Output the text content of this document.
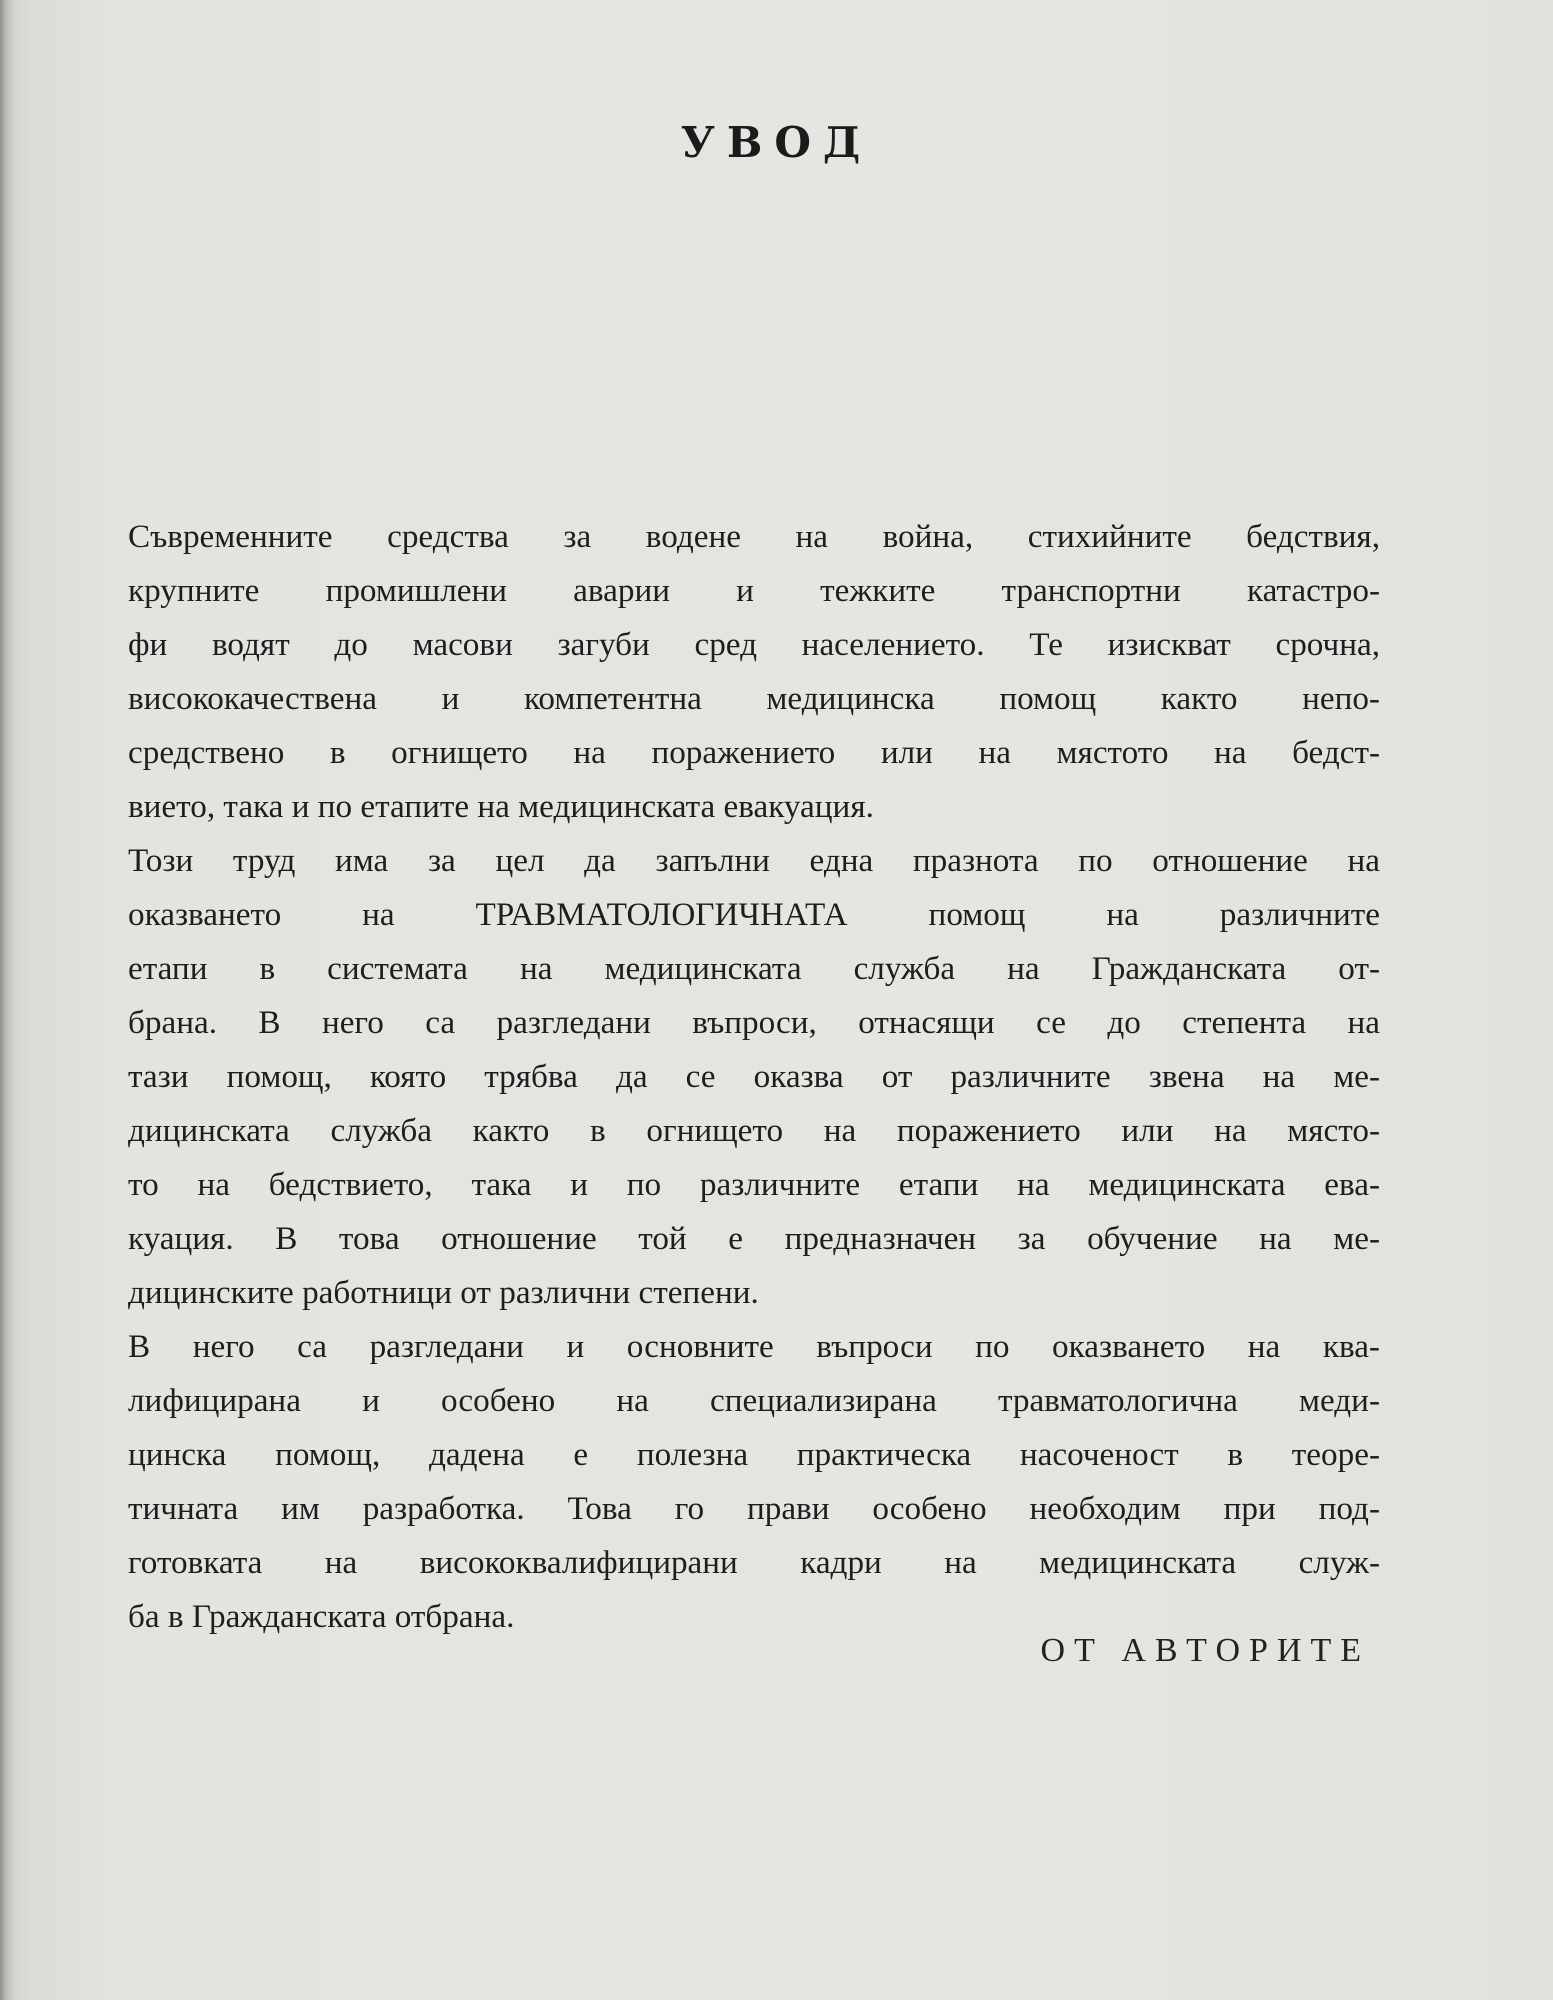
УВОД
Съвременните средства за водене на война, стихийните бедствия,
крупните промишлени аварии и тежките транспортни катастро-
фи водят до масови загуби сред населението. Те изискват срочна,
висококачествена и компетентна медицинска помощ както непо-
средствено в огнището на поражението или на мястото на бедст-
вието, така и по етапите на медицинската евакуация.
Този труд има за цел да запълни една празнота по отношение на
оказването на ТРАВМАТОЛОГИЧНАТА помощ на различните
етапи в системата на медицинската служба на Гражданската от-
брана. В него са разгледани въпроси, отнасящи се до степента на
тази помощ, която трябва да се оказва от различните звена на ме-
дицинската служба както в огнището на поражението или на място-
то на бедствието, така и по различните етапи на медицинската ева-
куация. В това отношение той е предназначен за обучение на ме-
дицинските работници от различни степени.
В него са разгледани и основните въпроси по оказването на ква-
лифицирана и особено на специализирана травматологична меди-
цинска помощ, дадена е полезна практическа насоченост в теоре-
тичната им разработка. Това го прави особено необходим при под-
готовката на висококвалифицирани кадри на медицинската служ-
ба в Гражданската отбрана.
ОТ АВТОРИТЕ
